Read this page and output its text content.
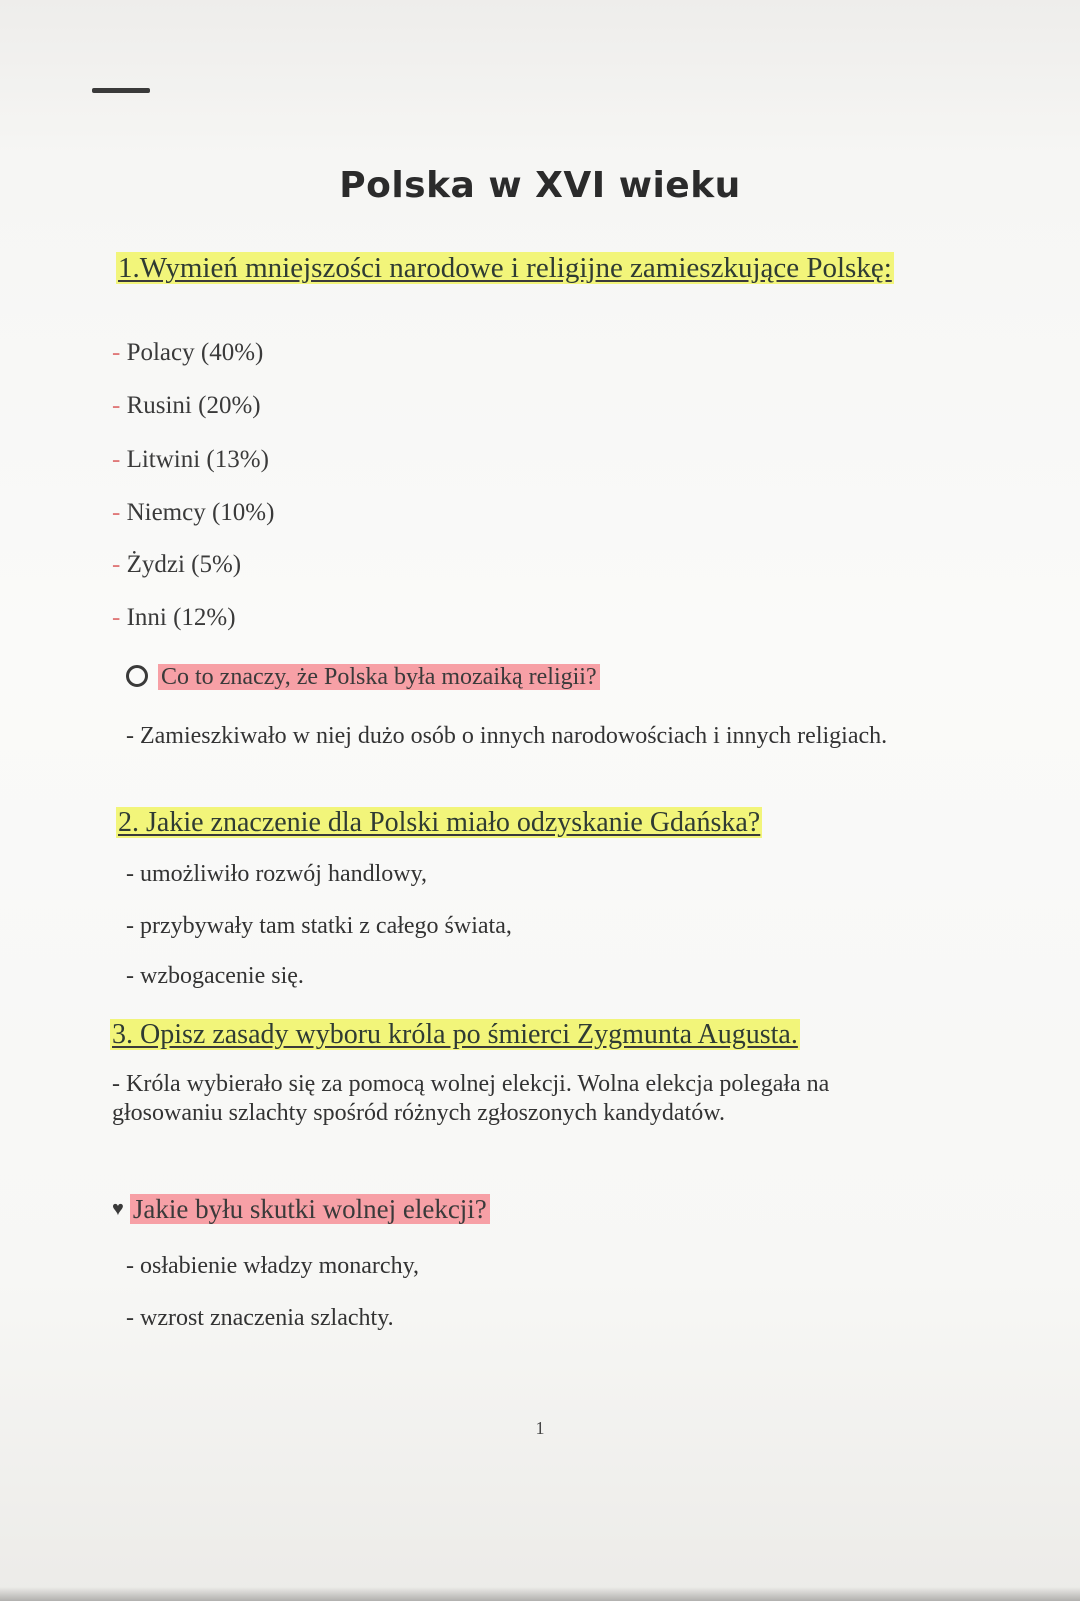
Polska w XVI wieku
1.Wymień mniejszości narodowe i religijne zamieszkujące Polskę:
- Polacy (40%)
- Rusini (20%)
- Litwini (13%)
- Niemcy (10%)
- Żydzi (5%)
- Inni (12%)
Co to znaczy, że Polska była mozaiką religii?
- Zamieszkiwało w niej dużo osób o innych narodowościach i innych religiach.
2. Jakie znaczenie dla Polski miało odzyskanie Gdańska?
- umożliwiło rozwój handlowy,
- przybywały tam statki z całego świata,
- wzbogacenie się.
3. Opisz zasady wyboru króla po śmierci Zygmunta Augusta.
- Króla wybierało się za pomocą wolnej elekcji. Wolna elekcja polegała na głosowaniu szlachty spośród różnych zgłoszonych kandydatów.
♥ Jakie byłu skutki wolnej elekcji?
- osłabienie władzy monarchy,
- wzrost znaczenia szlachty.
1
